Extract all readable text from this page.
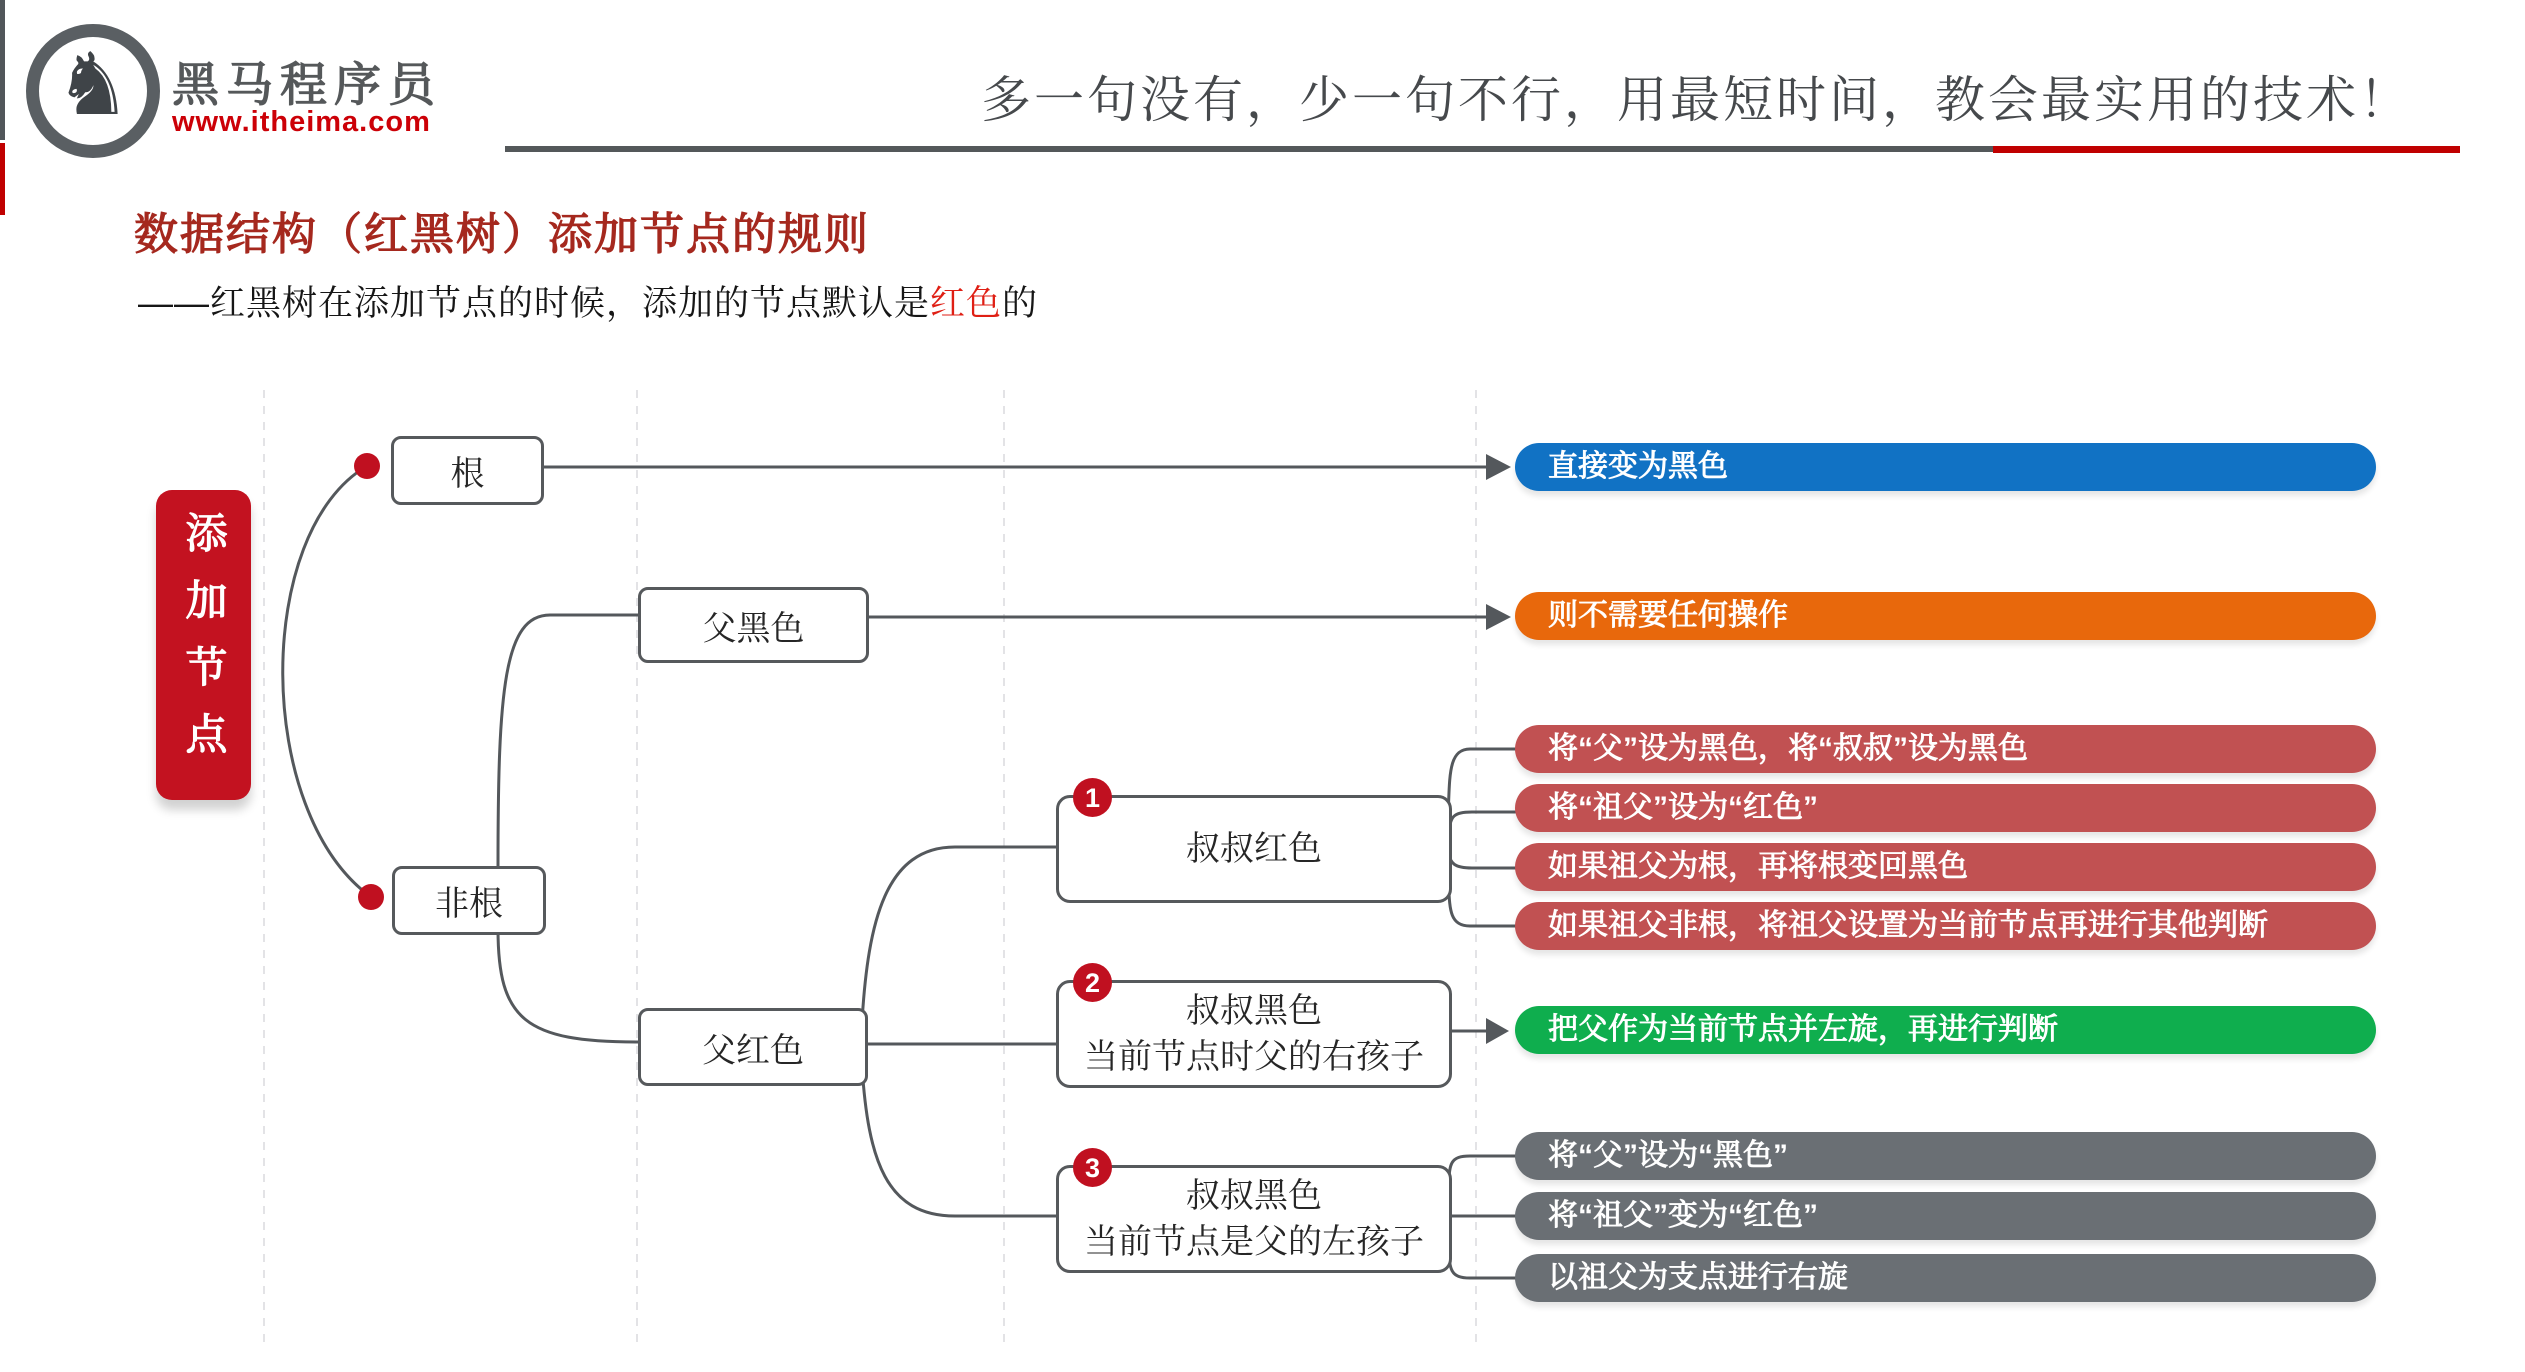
♞ 黑马程序员
www.itheima.com	多一句没有，少一句不行，用最短时间，教会最实用的技术！
数据结构（红黑树）添加节点的规则
——红黑树在添加节点的时候，添加的节点默认是红色的
添加节点
根
非根
父黑色
父红色
1
叔叔红色
2
叔叔黑色
当前节点时父的右孩子
3
叔叔黑色
当前节点是父的左孩子
直接变为黑色
则不需要任何操作
将“父”设为黑色，将“叔叔”设为黑色
将“祖父”设为“红色”
如果祖父为根，再将根变回黑色
如果祖父非根，将祖父设置为当前节点再进行其他判断
把父作为当前节点并左旋，再进行判断
将“父”设为“黑色”
将“祖父”变为“红色”
以祖父为支点进行右旋
